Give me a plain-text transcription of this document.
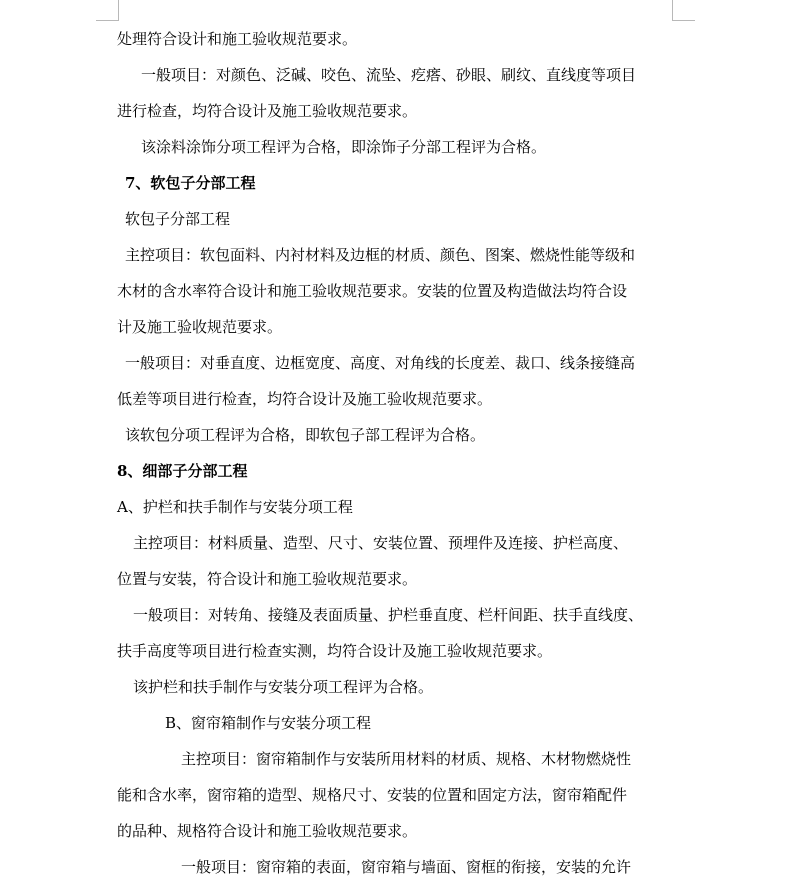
处理符合设计和施工验收规范要求。
一般项目：对颜色、泛碱、咬色、流坠、疙瘩、砂眼、刷纹、直线度等项目
进行检查，均符合设计及施工验收规范要求。
该涂料涂饰分项工程评为合格，即涂饰子分部工程评为合格。
7、软包子分部工程
软包子分部工程
主控项目：软包面料、内衬材料及边框的材质、颜色、图案、燃烧性能等级和
木材的含水率符合设计和施工验收规范要求。安装的位置及构造做法均符合设
计及施工验收规范要求。
一般项目：对垂直度、边框宽度、高度、对角线的长度差、裁口、线条接缝高
低差等项目进行检查，均符合设计及施工验收规范要求。
该软包分项工程评为合格，即软包子部工程评为合格。
8、细部子分部工程
A、护栏和扶手制作与安装分项工程
主控项目：材料质量、造型、尺寸、安装位置、预埋件及连接、护栏高度、
位置与安装，符合设计和施工验收规范要求。
一般项目：对转角、接缝及表面质量、护栏垂直度、栏杆间距、扶手直线度、
扶手高度等项目进行检查实测，均符合设计及施工验收规范要求。
该护栏和扶手制作与安装分项工程评为合格。
B、窗帘箱制作与安装分项工程
主控项目：窗帘箱制作与安装所用材料的材质、规格、木材物燃烧性
能和含水率，窗帘箱的造型、规格尺寸、安装的位置和固定方法，窗帘箱配件
的品种、规格符合设计和施工验收规范要求。
一般项目：窗帘箱的表面，窗帘箱与墙面、窗框的衔接，安装的允许
